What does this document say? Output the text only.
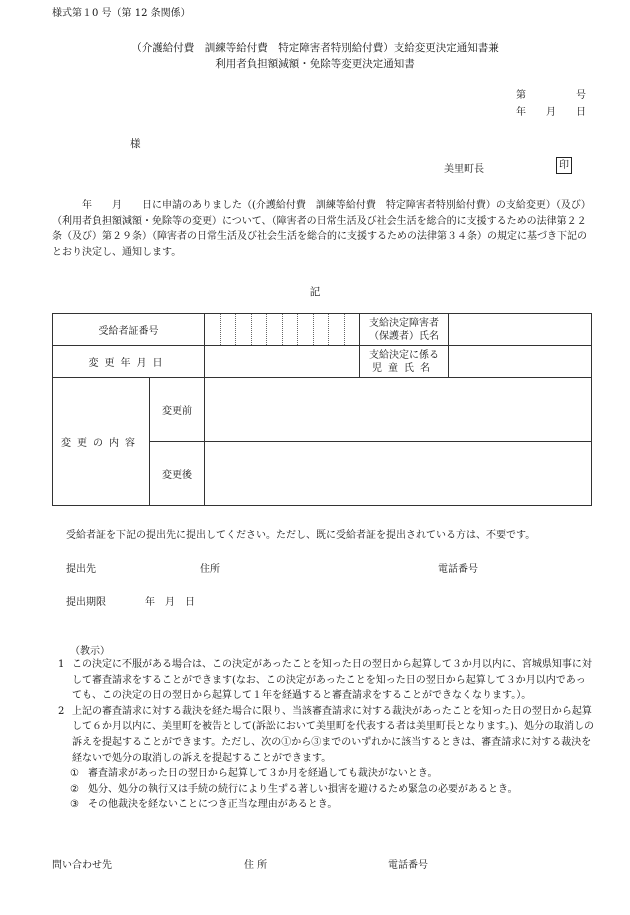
様式第１0 号（第 12 条関係）
（介護給付費　訓練等給付費　特定障害者特別給付費）支給変更決定通知書兼
利用者負担額減額・免除等変更決定通知書
第　　　　　号
年　　月　　日
様
美里町長	印
　　　年　　月　　日に申請のありました（(介護給付費　訓練等給付費　特定障害者特別給付費）の支給変更）（及び）（利用者負担額減額・免除等の変更）について、（障害者の日常生活及び社会生活を総合的に支援するための法律第２２条（及び）第２９条）（障害者の日常生活及び社会生活を総合的に支援するための法律第３４条）の規定に基づき下記のとおり決定し、通知します。
記
受給者証番号			支給決定障害者
（保護者）氏名	

変更年月日			支給決定に係る
児童氏名	

変更の内容	変更前			
	変更後			
受給者証を下記の提出先に提出してください。ただし、既に受給者証を提出されている方は、不要です。
提出先	住所	電話番号
提出期限	年　月　日
（教示）
1 この決定に不服がある場合は、この決定があったことを知った日の翌日から起算して３か月以内に、宮城県知事に対して審査請求をすることができます(なお、この決定があったことを知った日の翌日から起算して３か月以内であっても、この決定の日の翌日から起算して１年を経過すると審査請求をすることができなくなります。）。
2 上記の審査請求に対する裁決を経た場合に限り、当該審査請求に対する裁決があったことを知った日の翌日から起算して６か月以内に、美里町を被告として(訴訟において美里町を代表する者は美里町長となります。)、処分の取消しの訴えを提起することができます。ただし、次の①から③までのいずれかに該当するときは、審査請求に対する裁決を経ないで処分の取消しの訴えを提起することができます。
① 審査請求があった日の翌日から起算して３か月を経過しても裁決がないとき。
② 処分、処分の執行又は手続の続行により生ずる著しい損害を避けるため緊急の必要があるとき。
③ その他裁決を経ないことにつき正当な理由があるとき。
問い合わせ先	住 所	電話番号
